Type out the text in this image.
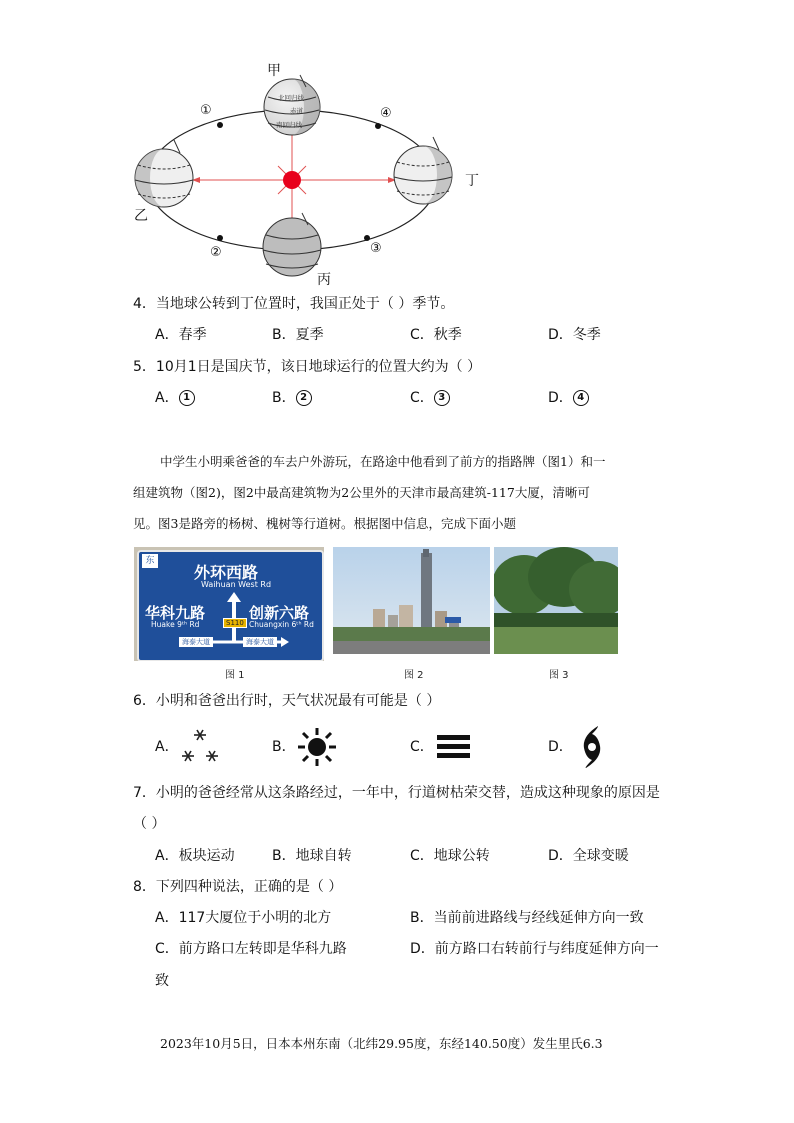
北回归线
赤道
南回归线
甲
乙
丙
丁
①
②	③
④
4．当地球公转到丁位置时，我国正处于（ ）季节。
A．春季	B．夏季	C．秋季	D．冬季
5．10月1日是国庆节，该日地球运行的位置大约为（ ）
A． 1	B． 2	C． 3	D． 4
中学生小明乘爸爸的车去户外游玩，在路途中他看到了前方的指路牌（图1）和一
组建筑物（图2)，图2中最高建筑物为2公里外的天津市最高建筑-117大厦，清晰可
见。图3是路旁的杨树、槐树等行道树。根据图中信息，完成下面小题
东
外环西路
Waihuan West Rd
华科九路
Huake 9ᵗʰ Rd
创新六路
Chuangxin 6ᵗʰ Rd
S110
海泰大道	海泰大道
图 1	图 2	图 3
6．小明和爸爸出行时，天气状况最有可能是（ ）
A．	B．	C．	D．
7．小明的爸爸经常从这条路经过，一年中，行道树枯荣交替，造成这种现象的原因是
（ ）
A．板块运动	B．地球自转	C．地球公转	D．全球变暖
8．下列四种说法，正确的是（ ）
A．117大厦位于小明的北方	B．当前前进路线与经线延伸方向一致
C．前方路口左转即是华科九路	D．前方路口右转前行与纬度延伸方向一
致
2023年10月5日，日本本州东南（北纬29.95度，东经140.50度）发生里氏6.3
